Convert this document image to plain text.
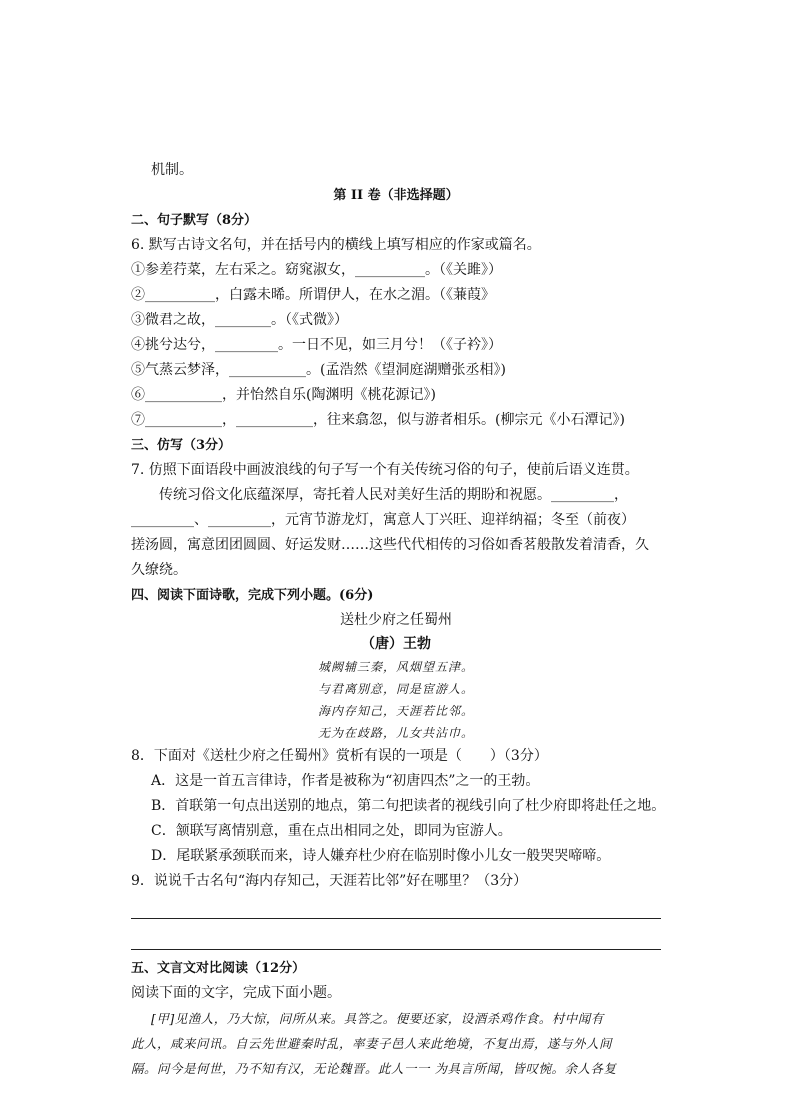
机制。
第 II 卷（非选择题）
二、句子默写（8分）
6. 默写古诗文名句，并在括号内的横线上填写相应的作家或篇名。
①参差荇菜，左右采之。窈窕淑女，__________。（《关雎》）
②__________，白露未晞。所谓伊人，在水之湄。（《蒹葭》
③微君之故，________。（《式微》）
④挑兮达兮，_________。一日不见，如三月兮！（《子衿》）
⑤气蒸云梦泽，___________。(孟浩然《望洞庭湖赠张丞相》)
⑥___________，并怡然自乐(陶渊明《桃花源记》)
⑦___________，___________，往来翕忽，似与游者相乐。(柳宗元《小石潭记》)
三、仿写（3分）
7. 仿照下面语段中画波浪线的句子写一个有关传统习俗的句子，使前后语义连贯。
传统习俗文化底蕴深厚，寄托着人民对美好生活的期盼和祝愿。_________，
_________、_________，元宵节游龙灯，寓意人丁兴旺、迎祥纳福；冬至（前夜）
搓汤圆，寓意团团圆圆、好运发财……这些代代相传的习俗如香茗般散发着清香，久
久缭绕。
四、阅读下面诗歌，完成下列小题。(6分)
送杜少府之任蜀州
（唐）王勃
城阙辅三秦，风烟望五津。
与君离别意，同是宦游人。
海内存知己，天涯若比邻。
无为在歧路，儿女共沾巾。
8．下面对《送杜少府之任蜀州》赏析有误的一项是（　　）（3分）
A．这是一首五言律诗，作者是被称为“初唐四杰”之一的王勃。
B．首联第一句点出送别的地点，第二句把读者的视线引向了杜少府即将赴任之地。
C．颔联写离情别意，重在点出相同之处，即同为宦游人。
D．尾联紧承颈联而来，诗人嫌弃杜少府在临别时像小儿女一般哭哭啼啼。
9．说说千古名句“海内存知己，天涯若比邻”好在哪里？（3分）
五、文言文对比阅读（12分）
阅读下面的文字，完成下面小题。
[甲]见渔人，乃大惊，问所从来。具答之。便要还家，设酒杀鸡作食。村中闻有
此人，咸来问讯。自云先世避秦时乱，率妻子邑人来此绝境，不复出焉，遂与外人间
隔。问今是何世，乃不知有汉，无论魏晋。此人一一 为具言所闻，皆叹惋。余人各复
